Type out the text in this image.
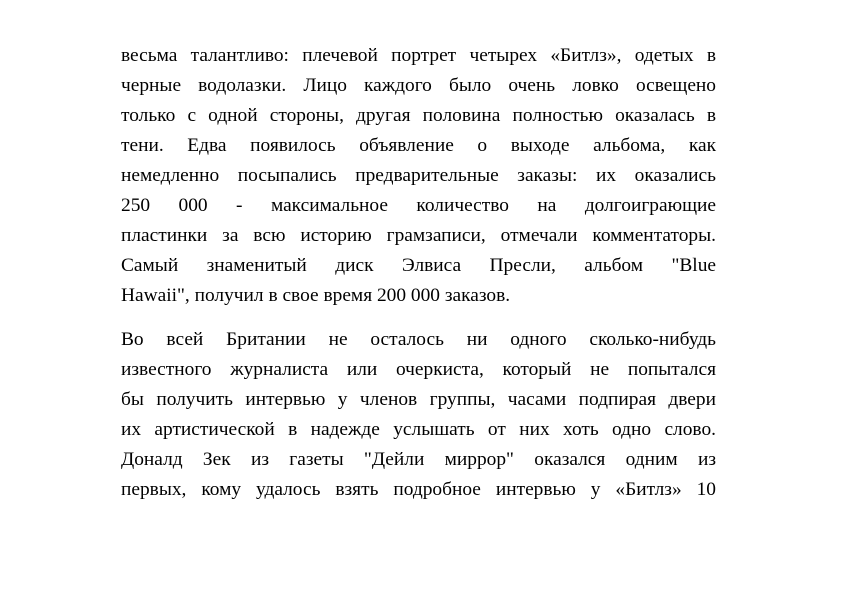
весьма талантливо: плечевой портрет четырех «Битлз», одетых в
черные водолазки. Лицо каждого было очень ловко освещено
только с одной стороны, другая половина полностью оказалась в
тени. Едва появилось объявление о выходе альбома, как
немедленно посыпались предварительные заказы: их оказались
250 000 - максимальное количество на долгоиграющие
пластинки за всю историю грамзаписи, отмечали комментаторы.
Самый знаменитый диск Элвиса Пресли, альбом "Blue
Hawaii", получил в свое время 200 000 заказов.
Во всей Британии не осталось ни одного сколько-нибудь
известного журналиста или очеркиста, который не попытался
бы получить интервью у членов группы, часами подпирая двери
их артистической в надежде услышать от них хоть одно слово.
Доналд Зек из газеты "Дейли миррор" оказался одним из
первых, кому удалось взять подробное интервью у «Битлз» 10
